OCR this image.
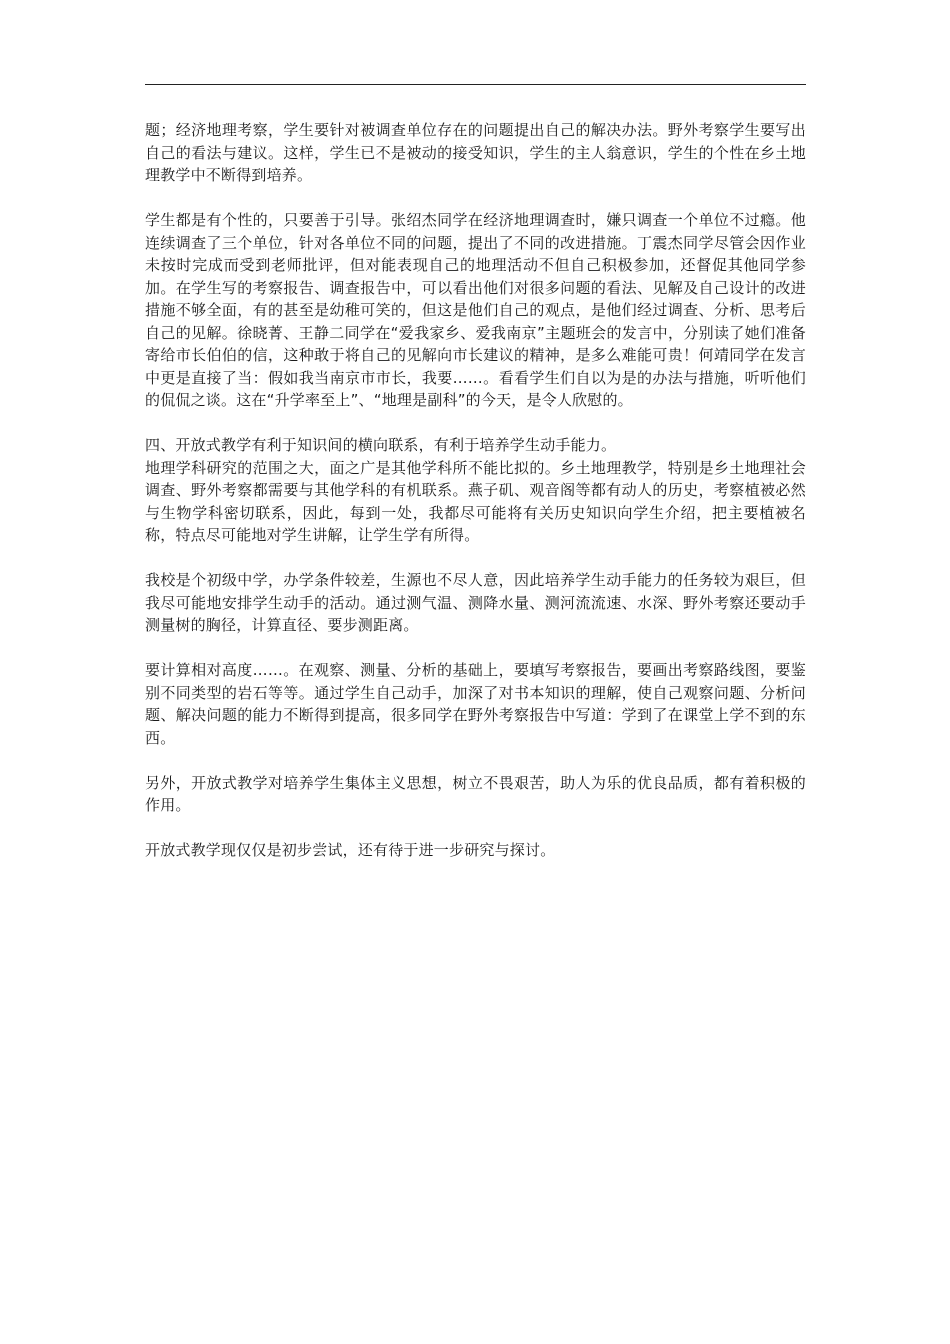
题；经济地理考察，学生要针对被调查单位存在的问题提出自己的解决办法。野外考察学生要写出自己的看法与建议。这样，学生已不是被动的接受知识，学生的主人翁意识，学生的个性在乡土地理教学中不断得到培养。

学生都是有个性的，只要善于引导。张绍杰同学在经济地理调查时，嫌只调查一个单位不过瘾。他连续调查了三个单位，针对各单位不同的问题，提出了不同的改进措施。丁震杰同学尽管会因作业未按时完成而受到老师批评，但对能表现自己的地理活动不但自己积极参加，还督促其他同学参加。在学生写的考察报告、调查报告中，可以看出他们对很多问题的看法、见解及自己设计的改进措施不够全面，有的甚至是幼稚可笑的，但这是他们自己的观点，是他们经过调查、分析、思考后自己的见解。徐晓菁、王静二同学在“爱我家乡、爱我南京”主题班会的发言中，分别读了她们准备寄给市长伯伯的信，这种敢于将自己的见解向市长建议的精神，是多么难能可贵！何靖同学在发言中更是直接了当：假如我当南京市市长，我要……。看看学生们自以为是的办法与措施，听听他们的侃侃之谈。这在“升学率至上”、“地理是副科”的今天，是令人欣慰的。

四、开放式教学有利于知识间的横向联系，有利于培养学生动手能力。

地理学科研究的范围之大，面之广是其他学科所不能比拟的。乡土地理教学，特别是乡土地理社会调查、野外考察都需要与其他学科的有机联系。燕子矶、观音阁等都有动人的历史，考察植被必然与生物学科密切联系，因此，每到一处，我都尽可能将有关历史知识向学生介绍，把主要植被名称，特点尽可能地对学生讲解，让学生学有所得。

我校是个初级中学，办学条件较差，生源也不尽人意，因此培养学生动手能力的任务较为艰巨，但我尽可能地安排学生动手的活动。通过测气温、测降水量、测河流流速、水深、野外考察还要动手测量树的胸径，计算直径、要步测距离。

要计算相对高度……。在观察、测量、分析的基础上，要填写考察报告，要画出考察路线图，要鉴别不同类型的岩石等等。通过学生自己动手，加深了对书本知识的理解，使自己观察问题、分析问题、解决问题的能力不断得到提高，很多同学在野外考察报告中写道：学到了在课堂上学不到的东西。

另外，开放式教学对培养学生集体主义思想，树立不畏艰苦，助人为乐的优良品质，都有着积极的作用。

开放式教学现仅仅是初步尝试，还有待于进一步研究与探讨。
